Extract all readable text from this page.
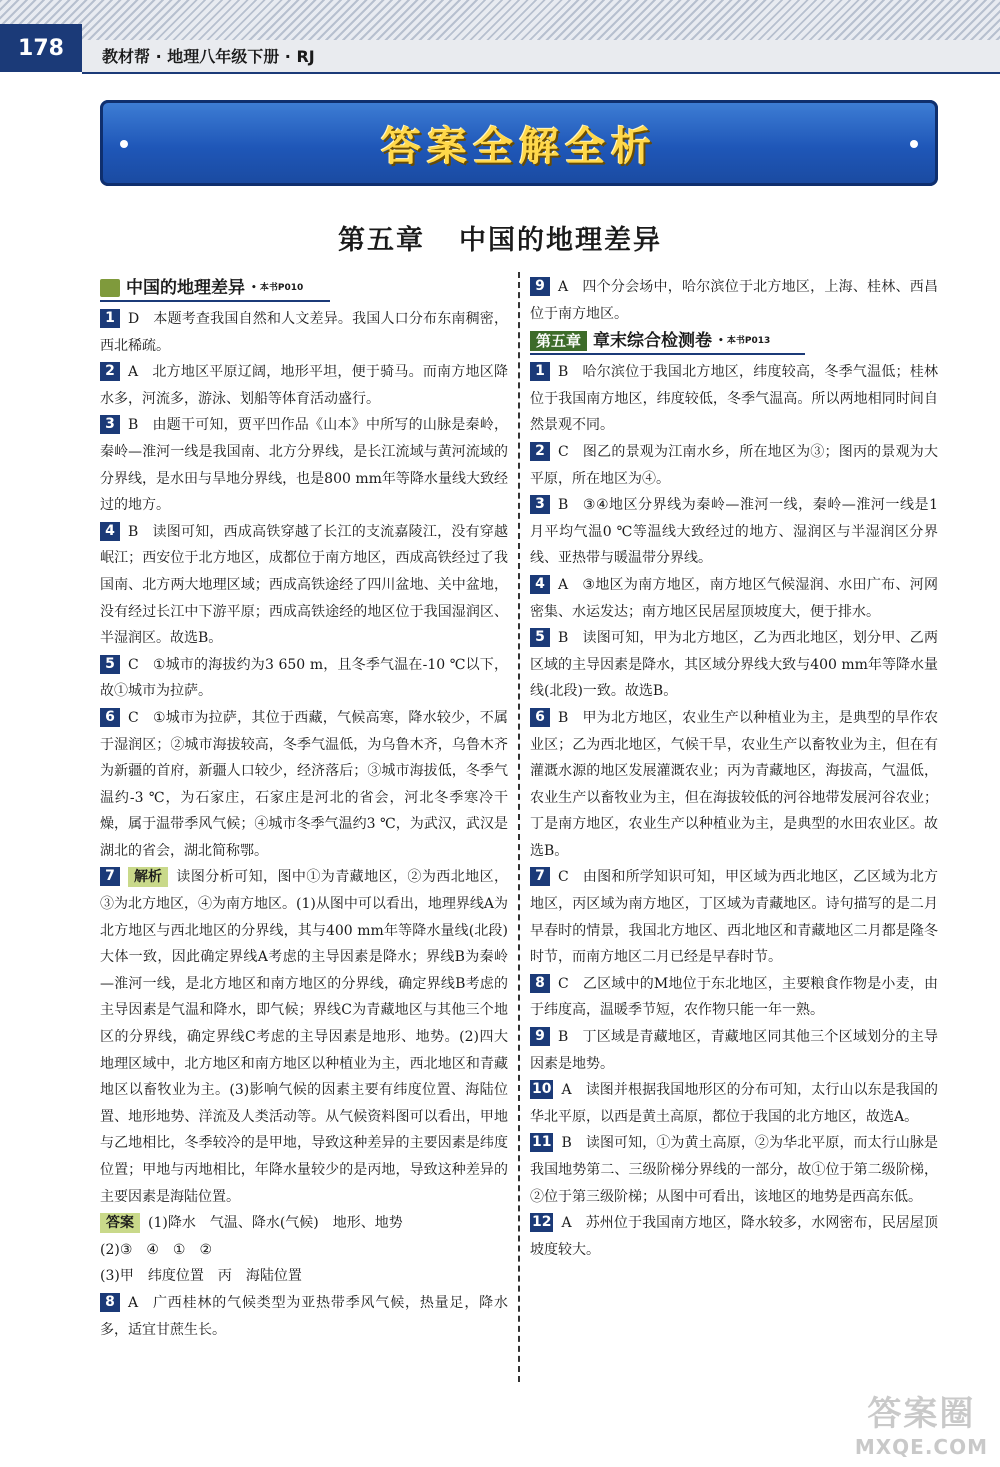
178	教材帮 · 地理八年级下册 · RJ
答案全解全析
第五章 中国的地理差异
中国的地理差异 • 本书P010

1 D 本题考查我国自然和人文差异。我国人口分布东南稠密，西北稀疏。

2 A 北方地区平原辽阔，地形平坦，便于骑马。而南方地区降水多，河流多，游泳、划船等体育活动盛行。

3 B 由题干可知，贾平凹作品《山本》中所写的山脉是秦岭，秦岭—淮河一线是我国南、北方分界线，是长江流域与黄河流域的分界线，是水田与旱地分界线，也是800 mm年等降水量线大致经过的地方。

4 B 读图可知，西成高铁穿越了长江的支流嘉陵江，没有穿越岷江；西安位于北方地区，成都位于南方地区，西成高铁经过了我国南、北方两大地理区域；西成高铁途经了四川盆地、关中盆地，没有经过长江中下游平原；西成高铁途经的地区位于我国湿润区、半湿润区。故选B。

5 C ①城市的海拔约为3 650 m，且冬季气温在-10 ℃以下，故①城市为拉萨。

6 C ①城市为拉萨，其位于西藏，气候高寒，降水较少，不属于湿润区；②城市海拔较高，冬季气温低，为乌鲁木齐，乌鲁木齐为新疆的首府，新疆人口较少，经济落后；③城市海拔低，冬季气温约-3 ℃，为石家庄，石家庄是河北的省会，河北冬季寒冷干燥，属于温带季风气候；④城市冬季气温约3 ℃，为武汉，武汉是湖北的省会，湖北简称鄂。

7 解析 读图分析可知，图中①为青藏地区，②为西北地区，③为北方地区，④为南方地区。(1)从图中可以看出，地理界线A为北方地区与西北地区的分界线，其与400 mm年等降水量线(北段)大体一致，因此确定界线A考虑的主导因素是降水；界线B为秦岭—淮河一线，是北方地区和南方地区的分界线，确定界线B考虑的主导因素是气温和降水，即气候；界线C为青藏地区与其他三个地区的分界线，确定界线C考虑的主导因素是地形、地势。(2)四大地理区域中，北方地区和南方地区以种植业为主，西北地区和青藏地区以畜牧业为主。(3)影响气候的因素主要有纬度位置、海陆位置、地形地势、洋流及人类活动等。从气候资料图可以看出，甲地与乙地相比，冬季较冷的是甲地，导致这种差异的主要因素是纬度位置；甲地与丙地相比，年降水量较少的是丙地，导致这种差异的主要因素是海陆位置。

答案 (1)降水　气温、降水(气候)　地形、地势

(2)③　④　①　②

(3)甲　纬度位置　丙　海陆位置

8 A 广西桂林的气候类型为亚热带季风气候，热量足，降水多，适宜甘蔗生长。

9 A 四个分会场中，哈尔滨位于北方地区，上海、桂林、西昌位于南方地区。

第五章 章末综合检测卷 • 本书P013

1 B 哈尔滨位于我国北方地区，纬度较高，冬季气温低；桂林位于我国南方地区，纬度较低，冬季气温高。所以两地相同时间自然景观不同。

2 C 图乙的景观为江南水乡，所在地区为③；图丙的景观为大平原，所在地区为④。

3 B ③④地区分界线为秦岭—淮河一线，秦岭—淮河一线是1月平均气温0 ℃等温线大致经过的地方、湿润区与半湿润区分界线、亚热带与暖温带分界线。

4 A ③地区为南方地区，南方地区气候湿润、水田广布、河网密集、水运发达；南方地区民居屋顶坡度大，便于排水。

5 B 读图可知，甲为北方地区，乙为西北地区，划分甲、乙两区域的主导因素是降水，其区域分界线大致与400 mm年等降水量线(北段)一致。故选B。

6 B 甲为北方地区，农业生产以种植业为主，是典型的旱作农业区；乙为西北地区，气候干旱，农业生产以畜牧业为主，但在有灌溉水源的地区发展灌溉农业；丙为青藏地区，海拔高，气温低，农业生产以畜牧业为主，但在海拔较低的河谷地带发展河谷农业；丁是南方地区，农业生产以种植业为主，是典型的水田农业区。故选B。

7 C 由图和所学知识可知，甲区域为西北地区，乙区域为北方地区，丙区域为南方地区，丁区域为青藏地区。诗句描写的是二月早春时的情景，我国北方地区、西北地区和青藏地区二月都是隆冬时节，而南方地区二月已经是早春时节。

8 C 乙区域中的M地位于东北地区，主要粮食作物是小麦，由于纬度高，温暖季节短，农作物只能一年一熟。

9 B 丁区域是青藏地区，青藏地区同其他三个区域划分的主导因素是地势。

10 A 读图并根据我国地形区的分布可知，太行山以东是我国的华北平原，以西是黄土高原，都位于我国的北方地区，故选A。

11 B 读图可知，①为黄土高原，②为华北平原，而太行山脉是我国地势第二、三级阶梯分界线的一部分，故①位于第二级阶梯，②位于第三级阶梯；从图中可看出，该地区的地势是西高东低。

12 A 苏州位于我国南方地区，降水较多，水网密布，民居屋顶坡度较大。

答案圈
MXQE.COM
